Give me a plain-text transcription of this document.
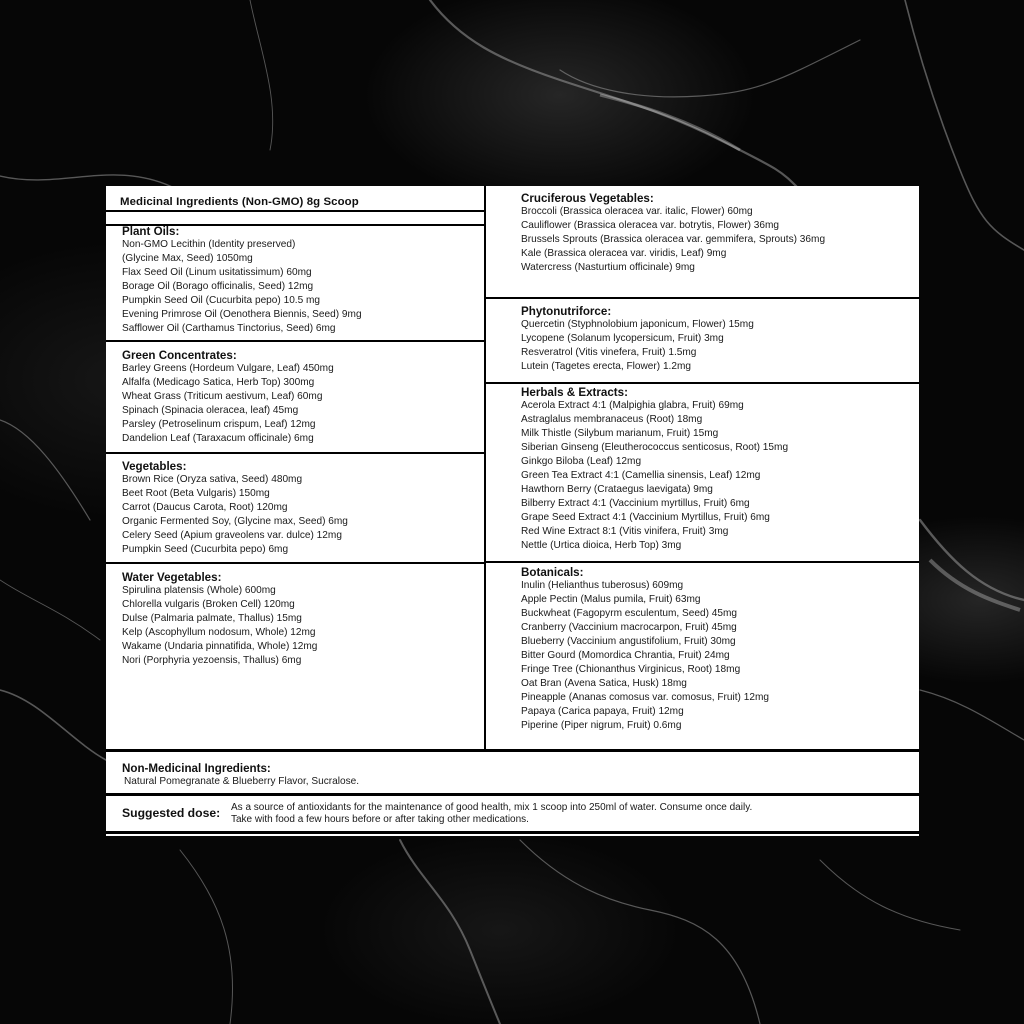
Medicinal Ingredients (Non-GMO) 8g Scoop
Plant Oils:
Non-GMO Lecithin (Identity preserved)
(Glycine Max, Seed) 1050mg
Flax Seed Oil (Linum usitatissimum) 60mg
Borage Oil (Borago officinalis, Seed) 12mg
Pumpkin Seed Oil (Cucurbita pepo) 10.5 mg
Evening Primrose Oil (Oenothera Biennis, Seed) 9mg
Safflower Oil (Carthamus Tinctorius, Seed) 6mg
Green Concentrates:
Barley Greens (Hordeum Vulgare, Leaf) 450mg
Alfalfa (Medicago Satica, Herb Top) 300mg
Wheat Grass (Triticum aestivum, Leaf) 60mg
Spinach (Spinacia oleracea, leaf) 45mg
Parsley (Petroselinum crispum, Leaf) 12mg
Dandelion Leaf (Taraxacum officinale) 6mg
Vegetables:
Brown Rice (Oryza sativa, Seed) 480mg
Beet Root (Beta Vulgaris) 150mg
Carrot (Daucus Carota, Root) 120mg
Organic Fermented Soy, (Glycine max, Seed) 6mg
Celery Seed (Apium graveolens var. dulce) 12mg
Pumpkin Seed (Cucurbita pepo) 6mg
Water Vegetables:
Spirulina platensis (Whole) 600mg
Chlorella vulgaris (Broken Cell) 120mg
Dulse (Palmaria palmate, Thallus) 15mg
Kelp (Ascophyllum nodosum, Whole) 12mg
Wakame (Undaria pinnatifida, Whole) 12mg
Nori (Porphyria yezoensis, Thallus) 6mg
Cruciferous Vegetables:
Broccoli (Brassica oleracea var. italic, Flower) 60mg
Cauliflower (Brassica oleracea var. botrytis, Flower) 36mg
Brussels Sprouts (Brassica oleracea var. gemmifera, Sprouts) 36mg
Kale (Brassica oleracea var. viridis, Leaf) 9mg
Watercress (Nasturtium officinale) 9mg
Phytonutriforce:
Quercetin (Styphnolobium japonicum, Flower) 15mg
Lycopene (Solanum lycopersicum, Fruit) 3mg
Resveratrol (Vitis vinefera, Fruit) 1.5mg
Lutein (Tagetes erecta, Flower) 1.2mg
Herbals & Extracts:
Acerola Extract 4:1 (Malpighia glabra, Fruit) 69mg
Astraglalus membranaceus (Root) 18mg
Milk Thistle (Silybum marianum, Fruit) 15mg
Siberian Ginseng (Eleutherococcus senticosus, Root) 15mg
Ginkgo Biloba (Leaf) 12mg
Green Tea Extract 4:1 (Camellia sinensis, Leaf) 12mg
Hawthorn Berry (Crataegus laevigata) 9mg
Bilberry Extract 4:1 (Vaccinium myrtillus, Fruit) 6mg
Grape Seed Extract 4:1 (Vaccinium Myrtillus, Fruit) 6mg
Red Wine Extract 8:1 (Vitis vinifera, Fruit) 3mg
Nettle (Urtica dioica, Herb Top) 3mg
Botanicals:
Inulin (Helianthus tuberosus) 609mg
Apple Pectin (Malus pumila, Fruit) 63mg
Buckwheat (Fagopyrm esculentum, Seed) 45mg
Cranberry (Vaccinium macrocarpon, Fruit) 45mg
Blueberry (Vaccinium angustifolium, Fruit) 30mg
Bitter Gourd (Momordica Chrantia, Fruit) 24mg
Fringe Tree (Chionanthus Virginicus, Root) 18mg
Oat Bran (Avena Satica, Husk) 18mg
Pineapple (Ananas comosus var. comosus, Fruit) 12mg
Papaya (Carica papaya, Fruit) 12mg
Piperine (Piper nigrum, Fruit) 0.6mg
Non-Medicinal Ingredients:
Natural Pomegranate & Blueberry Flavor, Sucralose.
Suggested dose: As a source of antioxidants for the maintenance of good health, mix 1 scoop into 250ml of water. Consume once daily.
Take with food a few hours before or after taking other medications.
